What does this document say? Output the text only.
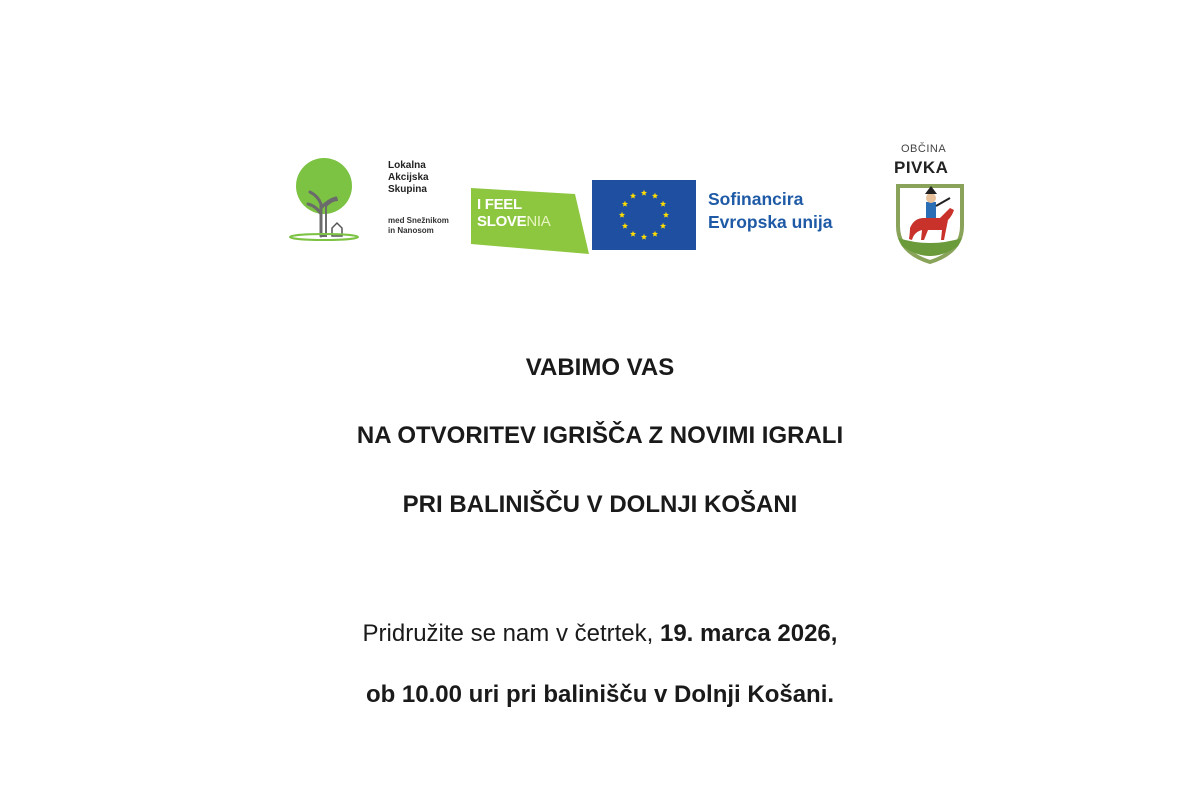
Lokalna
Akcijska
Skupina
med Snežnikom
in Nanosom
I FEEL
SLOVENIA
Sofinancira
Evropska unija
OBČINA
PIVKA
VABIMO VAS
NA OTVORITEV IGRIŠČA Z NOVIMI IGRALI
PRI BALINIŠČU V DOLNJI KOŠANI

Pridružite se nam v četrtek, 19. marca 2026,

ob 10.00 uri pri balinišču v Dolnji Košani.
